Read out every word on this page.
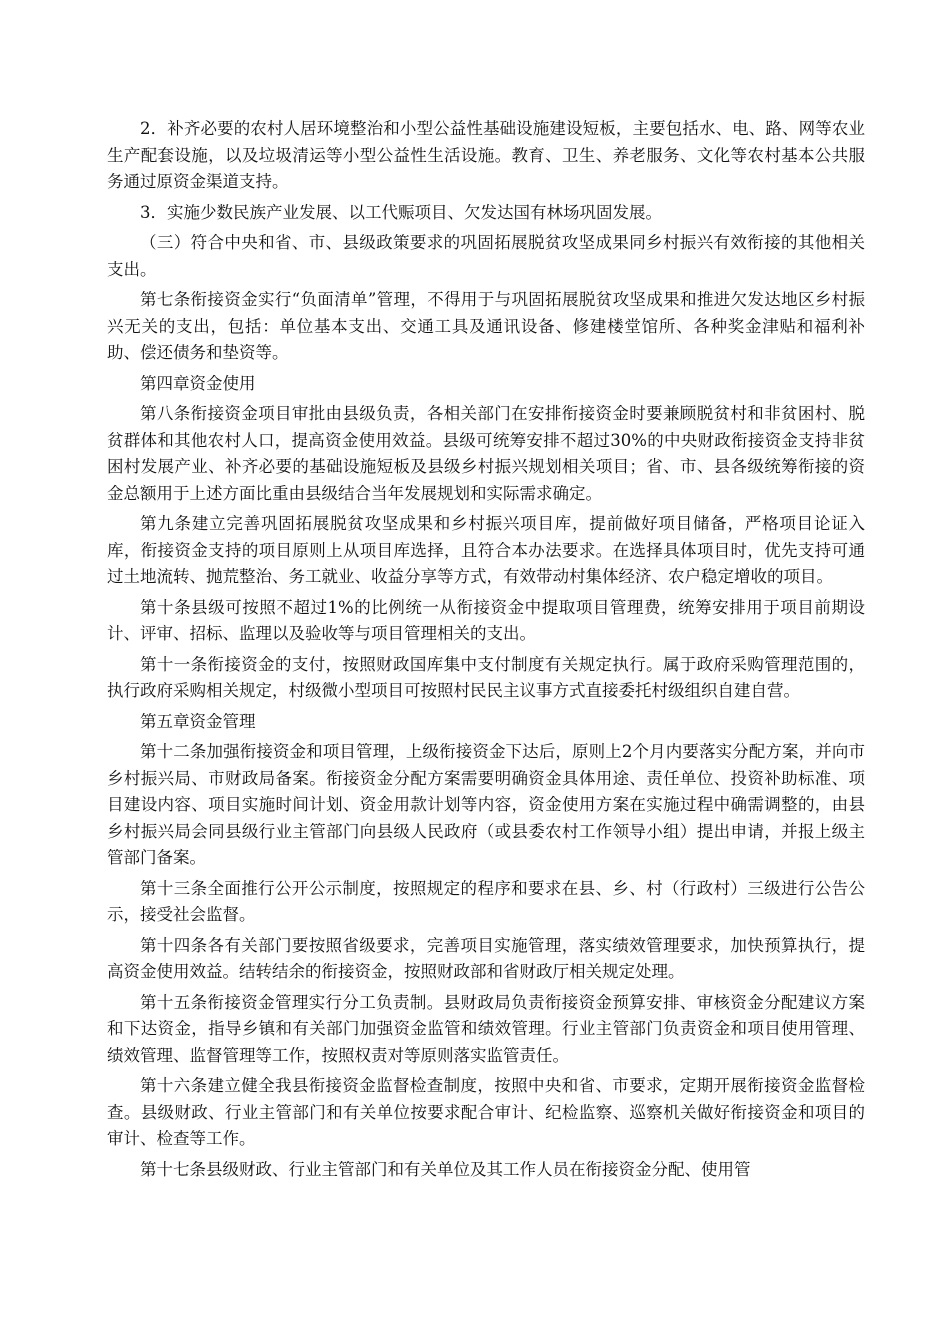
2．补齐必要的农村人居环境整治和小型公益性基础设施建设短板，主要包括水、电、路、网等农业生产配套设施，以及垃圾清运等小型公益性生活设施。教育、卫生、养老服务、文化等农村基本公共服务通过原资金渠道支持。

3．实施少数民族产业发展、以工代赈项目、欠发达国有林场巩固发展。

（三）符合中央和省、市、县级政策要求的巩固拓展脱贫攻坚成果同乡村振兴有效衔接的其他相关支出。

第七条衔接资金实行“负面清单”管理，不得用于与巩固拓展脱贫攻坚成果和推进欠发达地区乡村振兴无关的支出，包括：单位基本支出、交通工具及通讯设备、修建楼堂馆所、各种奖金津贴和福利补助、偿还债务和垫资等。

第四章资金使用

第八条衔接资金项目审批由县级负责，各相关部门在安排衔接资金时要兼顾脱贫村和非贫困村、脱贫群体和其他农村人口，提高资金使用效益。县级可统筹安排不超过30%的中央财政衔接资金支持非贫困村发展产业、补齐必要的基础设施短板及县级乡村振兴规划相关项目；省、市、县各级统筹衔接的资金总额用于上述方面比重由县级结合当年发展规划和实际需求确定。

第九条建立完善巩固拓展脱贫攻坚成果和乡村振兴项目库，提前做好项目储备，严格项目论证入库，衔接资金支持的项目原则上从项目库选择，且符合本办法要求。在选择具体项目时，优先支持可通过土地流转、抛荒整治、务工就业、收益分享等方式，有效带动村集体经济、农户稳定增收的项目。

第十条县级可按照不超过1%的比例统一从衔接资金中提取项目管理费，统筹安排用于项目前期设计、评审、招标、监理以及验收等与项目管理相关的支出。

第十一条衔接资金的支付，按照财政国库集中支付制度有关规定执行。属于政府采购管理范围的，执行政府采购相关规定，村级微小型项目可按照村民民主议事方式直接委托村级组织自建自营。

第五章资金管理

第十二条加强衔接资金和项目管理，上级衔接资金下达后，原则上2个月内要落实分配方案，并向市乡村振兴局、市财政局备案。衔接资金分配方案需要明确资金具体用途、责任单位、投资补助标准、项目建设内容、项目实施时间计划、资金用款计划等内容，资金使用方案在实施过程中确需调整的，由县乡村振兴局会同县级行业主管部门向县级人民政府（或县委农村工作领导小组）提出申请，并报上级主管部门备案。

第十三条全面推行公开公示制度，按照规定的程序和要求在县、乡、村（行政村）三级进行公告公示，接受社会监督。

第十四条各有关部门要按照省级要求，完善项目实施管理，落实绩效管理要求，加快预算执行，提高资金使用效益。结转结余的衔接资金，按照财政部和省财政厅相关规定处理。

第十五条衔接资金管理实行分工负责制。县财政局负责衔接资金预算安排、审核资金分配建议方案和下达资金，指导乡镇和有关部门加强资金监管和绩效管理。行业主管部门负责资金和项目使用管理、绩效管理、监督管理等工作，按照权责对等原则落实监管责任。

第十六条建立健全我县衔接资金监督检查制度，按照中央和省、市要求，定期开展衔接资金监督检查。县级财政、行业主管部门和有关单位按要求配合审计、纪检监察、巡察机关做好衔接资金和项目的审计、检查等工作。

第十七条县级财政、行业主管部门和有关单位及其工作人员在衔接资金分配、使用管
